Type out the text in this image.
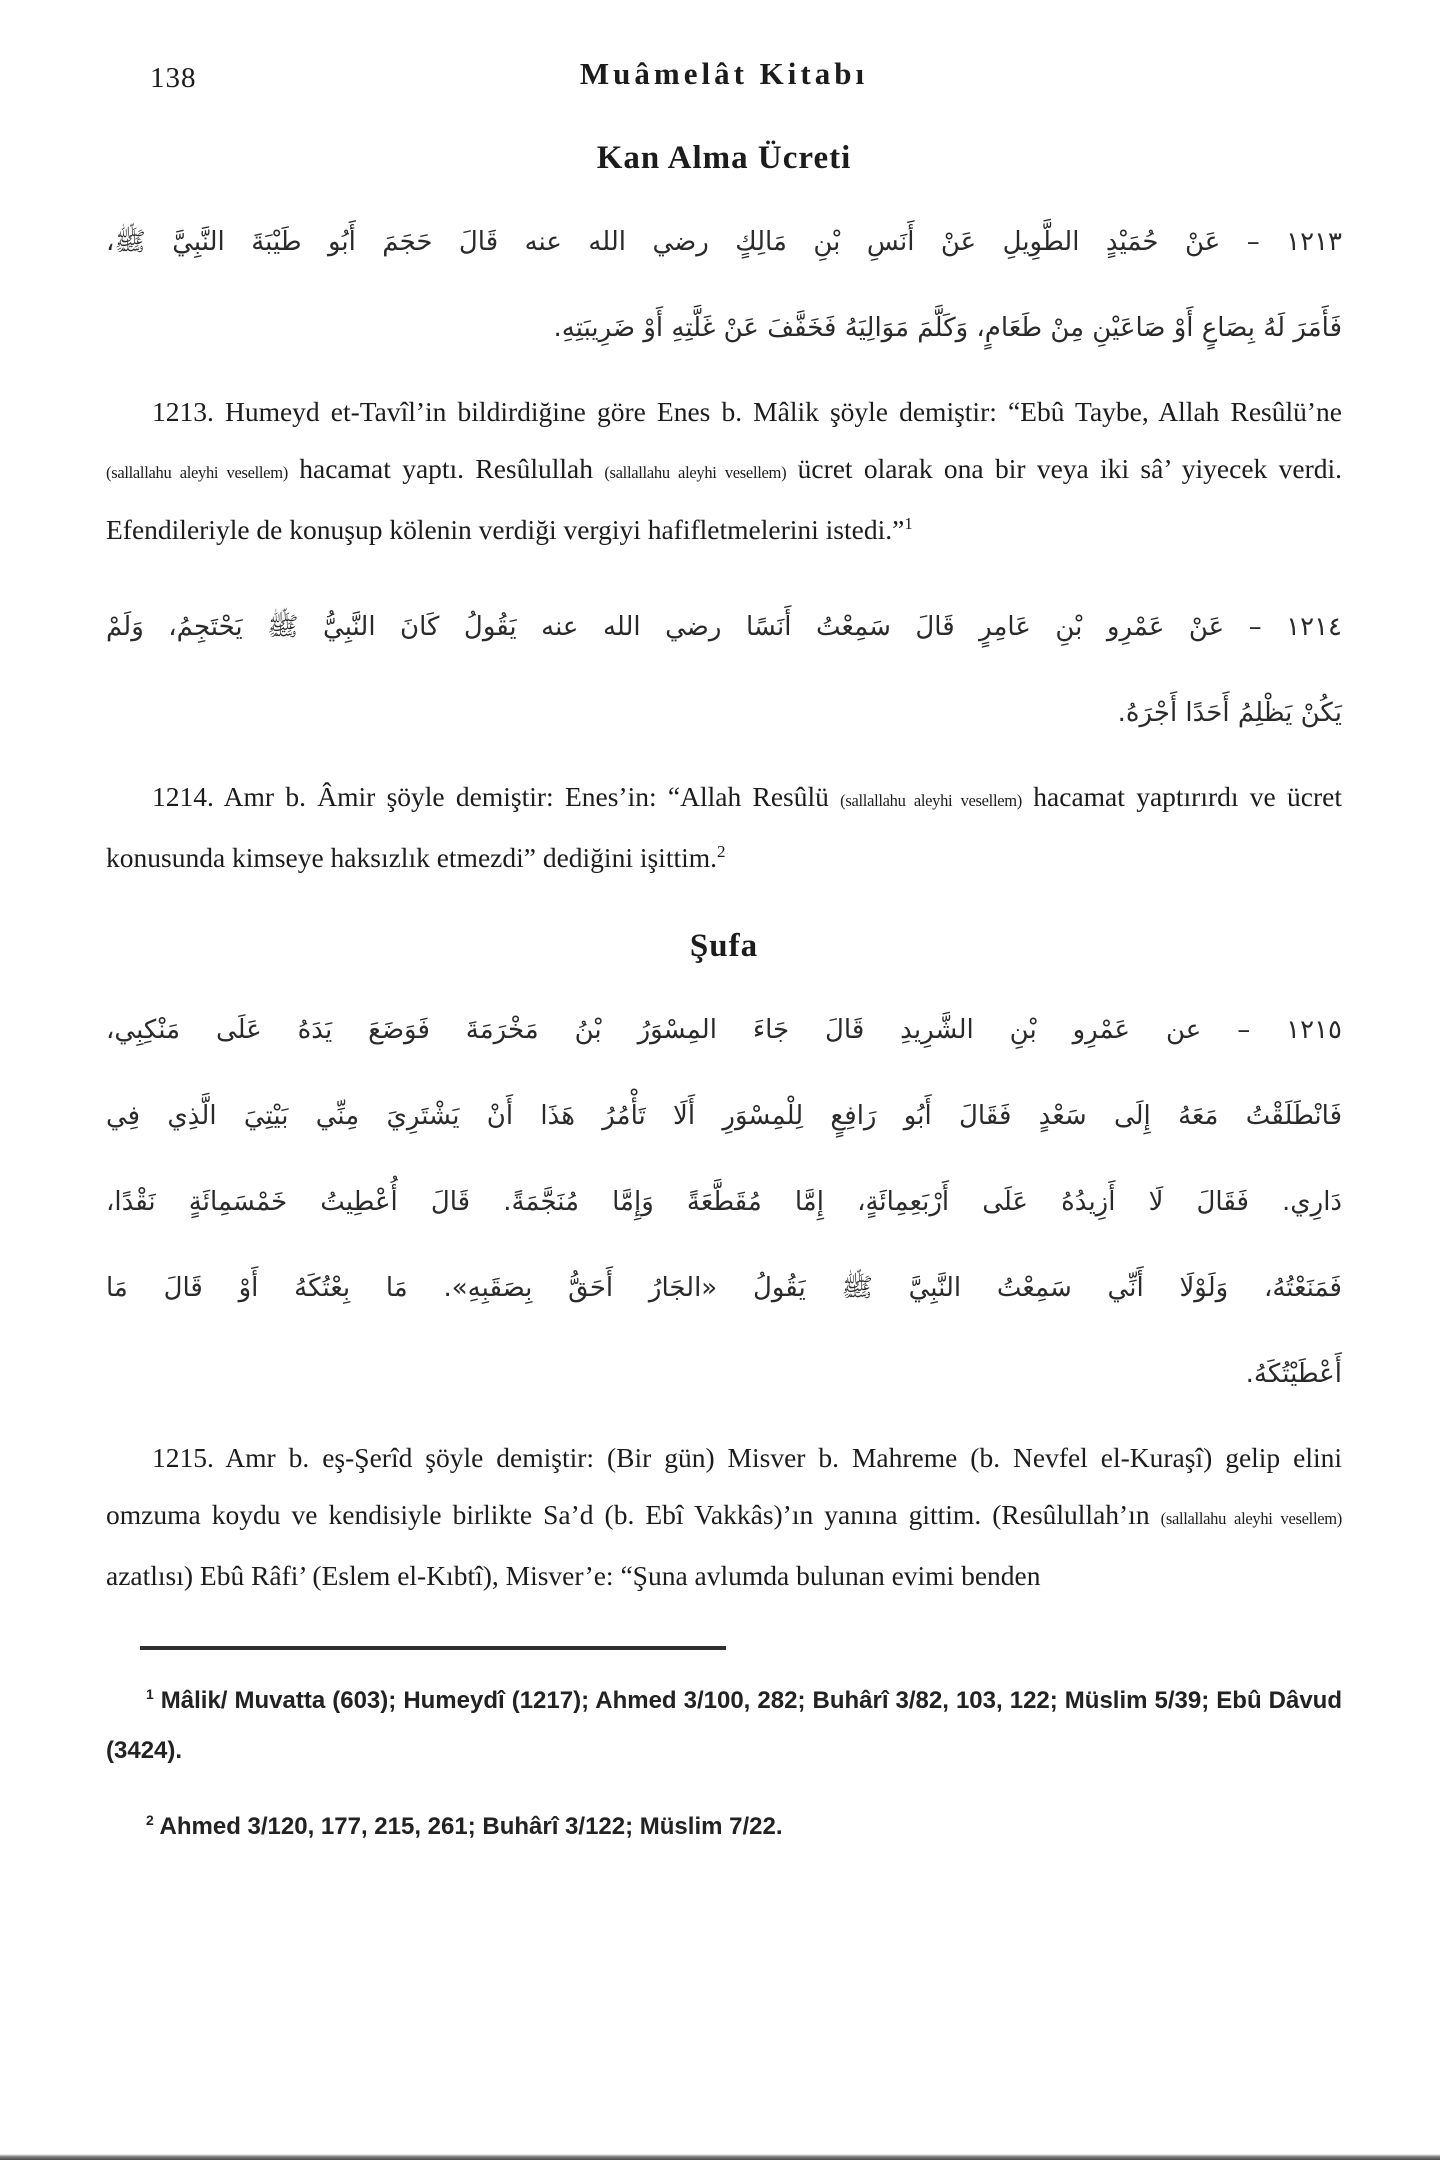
138	Muâmelât Kitabı
Kan Alma Ücreti
١٢١٣ – عَنْ حُمَيْدٍ الطَّوِيلِ عَنْ أَنَسِ بْنِ مَالِكٍ رضي الله عنه قَالَ حَجَمَ أَبُو طَيْبَةَ النَّبِيَّ ﷺ،
فَأَمَرَ لَهُ بِصَاعٍ أَوْ صَاعَيْنِ مِنْ طَعَامٍ، وَكَلَّمَ مَوَالِيَهُ فَخَفَّفَ عَنْ غَلَّتِهِ أَوْ ضَرِيبَتِهِ.

1213. Humeyd et-Tavîl’in bildirdiğine göre Enes b. Mâlik şöyle demiştir: “Ebû Taybe, Allah Resûlü’ne (sallallahu aleyhi vesellem) hacamat yaptı. Resûlullah (sallallahu aleyhi vesellem) ücret olarak ona bir veya iki sâ’ yiyecek verdi. Efendileriyle de konuşup kölenin verdiği vergiyi hafifletmelerini istedi.”$^1$

١٢١٤ – عَنْ عَمْرِو بْنِ عَامِرٍ قَالَ سَمِعْتُ أَنَسًا رضي الله عنه يَقُولُ كَانَ النَّبِيُّ ﷺ يَحْتَجِمُ، وَلَمْ
يَكُنْ يَظْلِمُ أَحَدًا أَجْرَهُ.

1214. Amr b. Âmir şöyle demiştir: Enes’in: “Allah Resûlü (sallallahu aleyhi vesellem) hacamat yaptırırdı ve ücret konusunda kimseye haksızlık etmezdi” dediğini işittim.$^2$

Şufa
١٢١٥ – عن عَمْرِو بْنِ الشَّرِيدِ قَالَ جَاءَ المِسْوَرُ بْنُ مَخْرَمَةَ فَوَضَعَ يَدَهُ عَلَى مَنْكِبِي،
فَانْطَلَقْتُ مَعَهُ إِلَى سَعْدٍ فَقَالَ أَبُو رَافِعٍ لِلْمِسْوَرِ أَلَا تَأْمُرُ هَذَا أَنْ يَشْتَرِيَ مِنِّي بَيْتِيَ الَّذِي فِي
دَارِي. فَقَالَ لَا أَزِيدُهُ عَلَى أَرْبَعِمِائَةٍ، إِمَّا مُقَطَّعَةً وَإِمَّا مُنَجَّمَةً. قَالَ أُعْطِيتُ خَمْسَمِائَةٍ نَقْدًا،
فَمَنَعْتُهُ، وَلَوْلَا أَنِّي سَمِعْتُ النَّبِيَّ ﷺ يَقُولُ «الجَارُ أَحَقُّ بِصَقَبِهِ». مَا بِعْتُكَهُ أَوْ قَالَ مَا
أَعْطَيْتُكَهُ.

1215. Amr b. eş-Şerîd şöyle demiştir: (Bir gün) Misver b. Mahreme (b. Nevfel el-Kuraşî) gelip elini omzuma koydu ve kendisiyle birlikte Sa’d (b. Ebî Vakkâs)’ın yanına gittim. (Resûlullah’ın (sallallahu aleyhi vesellem) azatlısı) Ebû Râfi’ (Eslem el-Kıbtî), Misver’e: “Şuna avlumda bulunan evimi benden

$^1$ Mâlik/ Muvatta (603); Humeydî (1217); Ahmed 3/100, 282; Buhârî 3/82, 103, 122; Müslim 5/39; Ebû Dâvud (3424).

$^2$ Ahmed 3/120, 177, 215, 261; Buhârî 3/122; Müslim 7/22.
